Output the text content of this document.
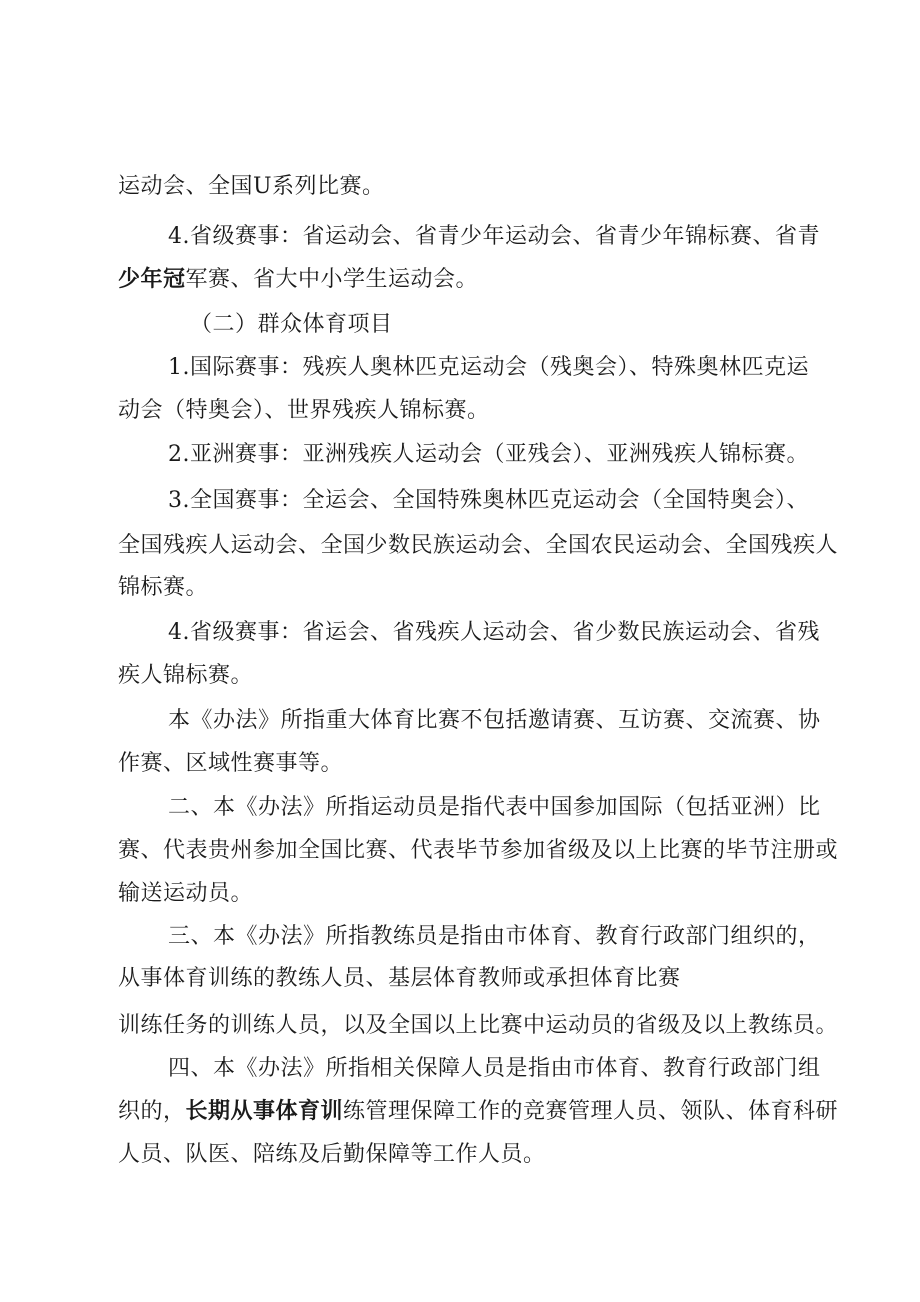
运动会、全国U系列比赛。
4.省级赛事：省运动会、省青少年运动会、省青少年锦标赛、省青
少年冠军赛、省大中小学生运动会。
（二）群众体育项目
1.国际赛事：残疾人奥林匹克运动会（残奥会）、特殊奥林匹克运
动会（特奥会）、世界残疾人锦标赛。
2.亚洲赛事：亚洲残疾人运动会（亚残会）、亚洲残疾人锦标赛。
3.全国赛事：全运会、全国特殊奥林匹克运动会（全国特奥会）、
全国残疾人运动会、全国少数民族运动会、全国农民运动会、全国残疾人
锦标赛。
4.省级赛事：省运会、省残疾人运动会、省少数民族运动会、省残
疾人锦标赛。
本《办法》所指重大体育比赛不包括邀请赛、互访赛、交流赛、协
作赛、区域性赛事等。
二、本《办法》所指运动员是指代表中国参加国际（包括亚洲）比
赛、代表贵州参加全国比赛、代表毕节参加省级及以上比赛的毕节注册或
输送运动员。
三、本《办法》所指教练员是指由市体育、教育行政部门组织的，
从事体育训练的教练人员、基层体育教师或承担体育比赛
训练任务的训练人员，以及全国以上比赛中运动员的省级及以上教练员。
四、本《办法》所指相关保障人员是指由市体育、教育行政部门组
织的，长期从事体育训练管理保障工作的竞赛管理人员、领队、体育科研
人员、队医、陪练及后勤保障等工作人员。
